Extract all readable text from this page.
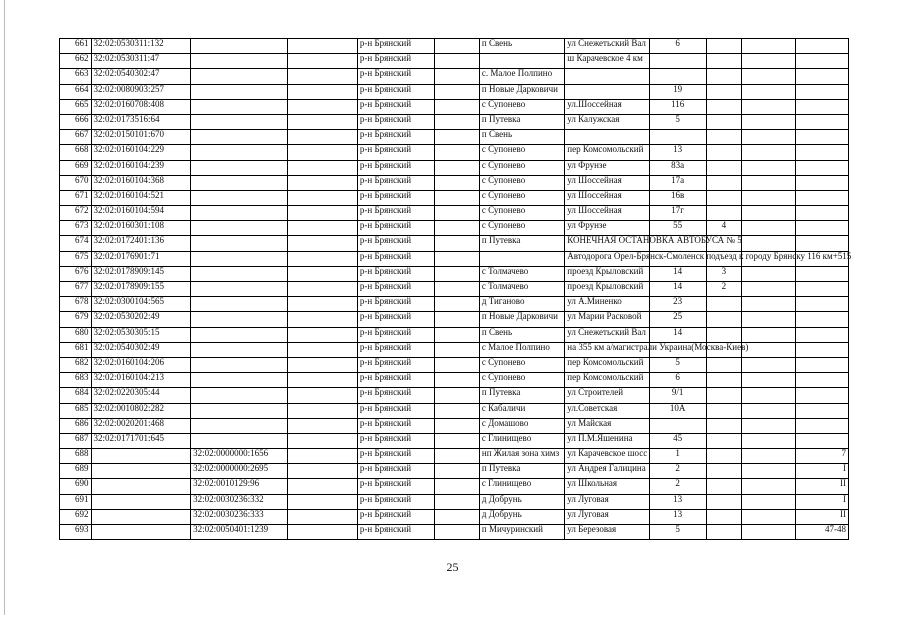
661	32:02:0530311:132			р-н Брянский		п Свень	ул Снежетьский Вал	6			
662	32:02:0530311:47			р-н Брянский			ш Карачевское 4 км				
663	32:02:0540302:47			р-н Брянский		с. Малое Полпино					
664	32:02:0080903:257			р-н Брянский		п Новые Дарковичи		19			
665	32:02:0160708:408			р-н Брянский		с Супонево	ул.Шоссейная	116			
666	32:02:0173516:64			р-н Брянский		п Путевка	ул Калужская	5			
667	32:02:0150101:670			р-н Брянский		п Свень					
668	32:02:0160104:229			р-н Брянский		с Супонево	пер Комсомольский	13			
669	32:02:0160104:239			р-н Брянский		с Супонево	ул Фрунзе	83а			
670	32:02:0160104:368			р-н Брянский		с Супонево	ул Шоссейная	17а			
671	32:02:0160104:521			р-н Брянский		с Супонево	ул Шоссейная	16в			
672	32:02:0160104:594			р-н Брянский		с Супонево	ул Шоссейная	17г			
673	32:02:0160301:108			р-н Брянский		с Супонево	ул Фрунзе	55	4		
674	32:02:0172401:136			р-н Брянский		п Путевка	КОНЕЧНАЯ ОСТАНОВКА АВТОБУСА № 5				
675	32:02:0176901:71			р-н Брянский			Автодорога Орел-Брянск-Смоленск подъезд к городу Брянску 116 км+515				
676	32:02:0178909:145			р-н Брянский		с Толмачево	проезд Крыловский	14	3		
677	32:02:0178909:155			р-н Брянский		с Толмачево	проезд Крыловский	14	2		
678	32:02:0300104:565			р-н Брянский		д Тиганово	ул А.Миненко	23			
679	32:02:0530202:49			р-н Брянский		п Новые Дарковичи	ул Марии Расковой	25			
680	32:02:0530305:15			р-н Брянский		п Свень	ул Снежетьский Вал	14			
681	32:02:0540302:49			р-н Брянский		с Малое Полпино	на 355 км а/магистрали Украина(Москва-Киев)				
682	32:02:0160104:206			р-н Брянский		с Супонево	пер Комсомольский	5			
683	32:02:0160104:213			р-н Брянский		с Супонево	пер Комсомольский	6			
684	32:02:0220305:44			р-н Брянский		п Путевка	ул Строителей	9/1			
685	32:02:0010802:282			р-н Брянский		с Кабаличи	ул.Советская	10А			
686	32:02:0020201:468			р-н Брянский		с Домашово	ул Майская				
687	32:02:0171701:645			р-н Брянский		с Глинищево	ул П.М.Яшенина	45			
688		32:02:0000000:1656		р-н Брянский		нп Жилая зона химз	ул Карачевское шосс	1			7
689		32:02:0000000:2695		р-н Брянский		п Путевка	ул Андрея Галицина	2			I
690		32:02:0010129:96		р-н Брянский		с Глинищево	ул Школьная	2			II
691		32:02:0030236:332		р-н Брянский		д Добрунь	ул Луговая	13			I
692		32:02:0030236:333		р-н Брянский		д Добрунь	ул Луговая	13			II
693		32:02:0050401:1239		р-н Брянский		п Мичуринский	ул Березовая	5			47-48
25
